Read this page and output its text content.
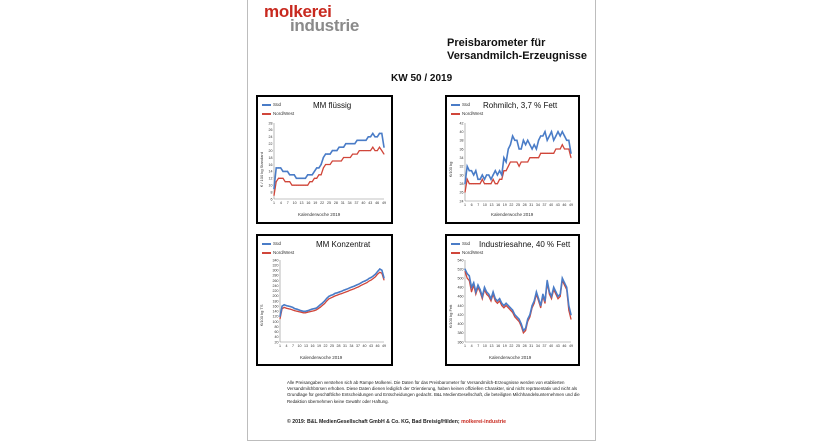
molkerei
industrie
Preisbarometer für Versandmilch-Erzeugnisse
KW 50 / 2019
6
8
10
12
14
16
18
20
22
24
26
28
1 4 7 10 13 16 19 22 25 28 31 34 37 40 43 46 49
Süd
Nord/West
MM flüssig
€ / 100 kg Standard
Kalenderwoche 2019
24
26
28
30
32
34
36
38
40
42
1 6 7 10 13 16 19 22 25 28 31 34 37 40 43 46 49
Süd
Nord/West
Rohmilch, 3,7 % Fett
€/100 kg
Kalenderwoche 2019
20
40
60
80
100
120
140
160
180
200
220
240
260
280
300
320
340
1 4 7 10 13 16 19 22 25 28 31 34 37 40 43 46 49
Süd
Nord/West
MM Konzentrat
€/100 kg TS
Kalenderwoche 2019
360
380
400
420
440
460
480
500
520
540
1 4 7 10 13 16 19 22 25 28 31 34 37 40 43 46 49
Süd
Nord/West
Industriesahne, 40 % Fett
€/100 kg Fett
Kalenderwoche 2019
Alle Preisangaben verstehen sich ab Rampe Molkerei. Die Daten für das Preisbarometer für Versandmilch-Erzeugnisse werden von etablierten Versandmilchbörsen erhoben. Diese Daten dienen lediglich der Orientierung, haben keinen offiziellen Charakter, sind nicht repräsentativ und nicht als Grundlage für geschäftliche Entscheidungen und Entscheidungen gedacht. B&L MedienGesellschaft, die beteiligten Milchhandelsunternehmen und die Redaktion übernehmen keine Gewähr oder Haftung.
© 2019: B&L MedienGesellschaft GmbH & Co. KG, Bad Breisig/Hilden; molkerei-industrie
